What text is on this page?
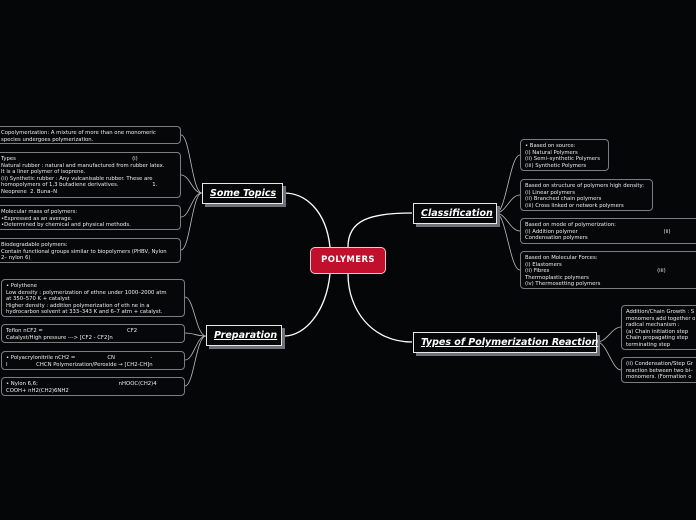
POLYMERS
Classification
Types of Polymerization Reaction
Some Topics
Preparation
Copolymerization: A mixture of more than one monomeric
species undergoes polymerization.
Types                                                                     (i)
Natural rubber : natural and manufactured from rubber latex.
It is a liner polymer of isoprene.
(ii) Synthetic rubber : Any vulcanisable rubber. These are
homopolymers of 1,3 butadiene derivatives.                    1.
Neoprene  2. Buna–N
Molecular mass of polymers:
•Expressed as an average.
•Determined by chemical and physical methods.
Biodegradable polymers:
Contain functional groups similar to biopolymers (PHBV, Nylon
2– nylon 6)
• Polythene
Low density : polymerization of ethne under 1000–2000 atm
at 350–570 K + catalyst
Higher density : addition polymerization of eth ne in a
hydrocarbon solvent at 333–343 K and 6–7 atm + catalyst.
Teflon nCF2 =                                                  CF2
Catalyst/High pressure ---> [CF2 - CF2]n
• Polyacrylonitrile nCH2 =                   CN                     -
I                 CHCN Polymerization/Peroxide → [CH2-CH]n
• Nylon 6,6;                                                nHOOC(CH2)4
COOH+ nH2(CH2)6NH2
• Based on source:
(i) Natural Polymers
(ii) Semi–synthetic Polymers
(iii) Synthetic Polymers
Based on structure of polymers high density:
(i) Linear polymers
(ii) Branched chain polymers
(iii) Cross linked or network polymers
Based on mode of polymerization:
(i) Addition polymer                                                   (ii)
Condensation polymers
Based on Molecular Forces:
(i) Elastomers
(ii) Fibres                                                                (iii)
Thermoplastic polymers
(iv) Thermosetting polymers
Addition/Chain Growth : S
monomers add together o
radical mechanism :
(a) Chain initiation step
Chain propagating step
terminating step
(ii) Condensation/Step Gr
reaction between two bi–
monomers. (Formation o
